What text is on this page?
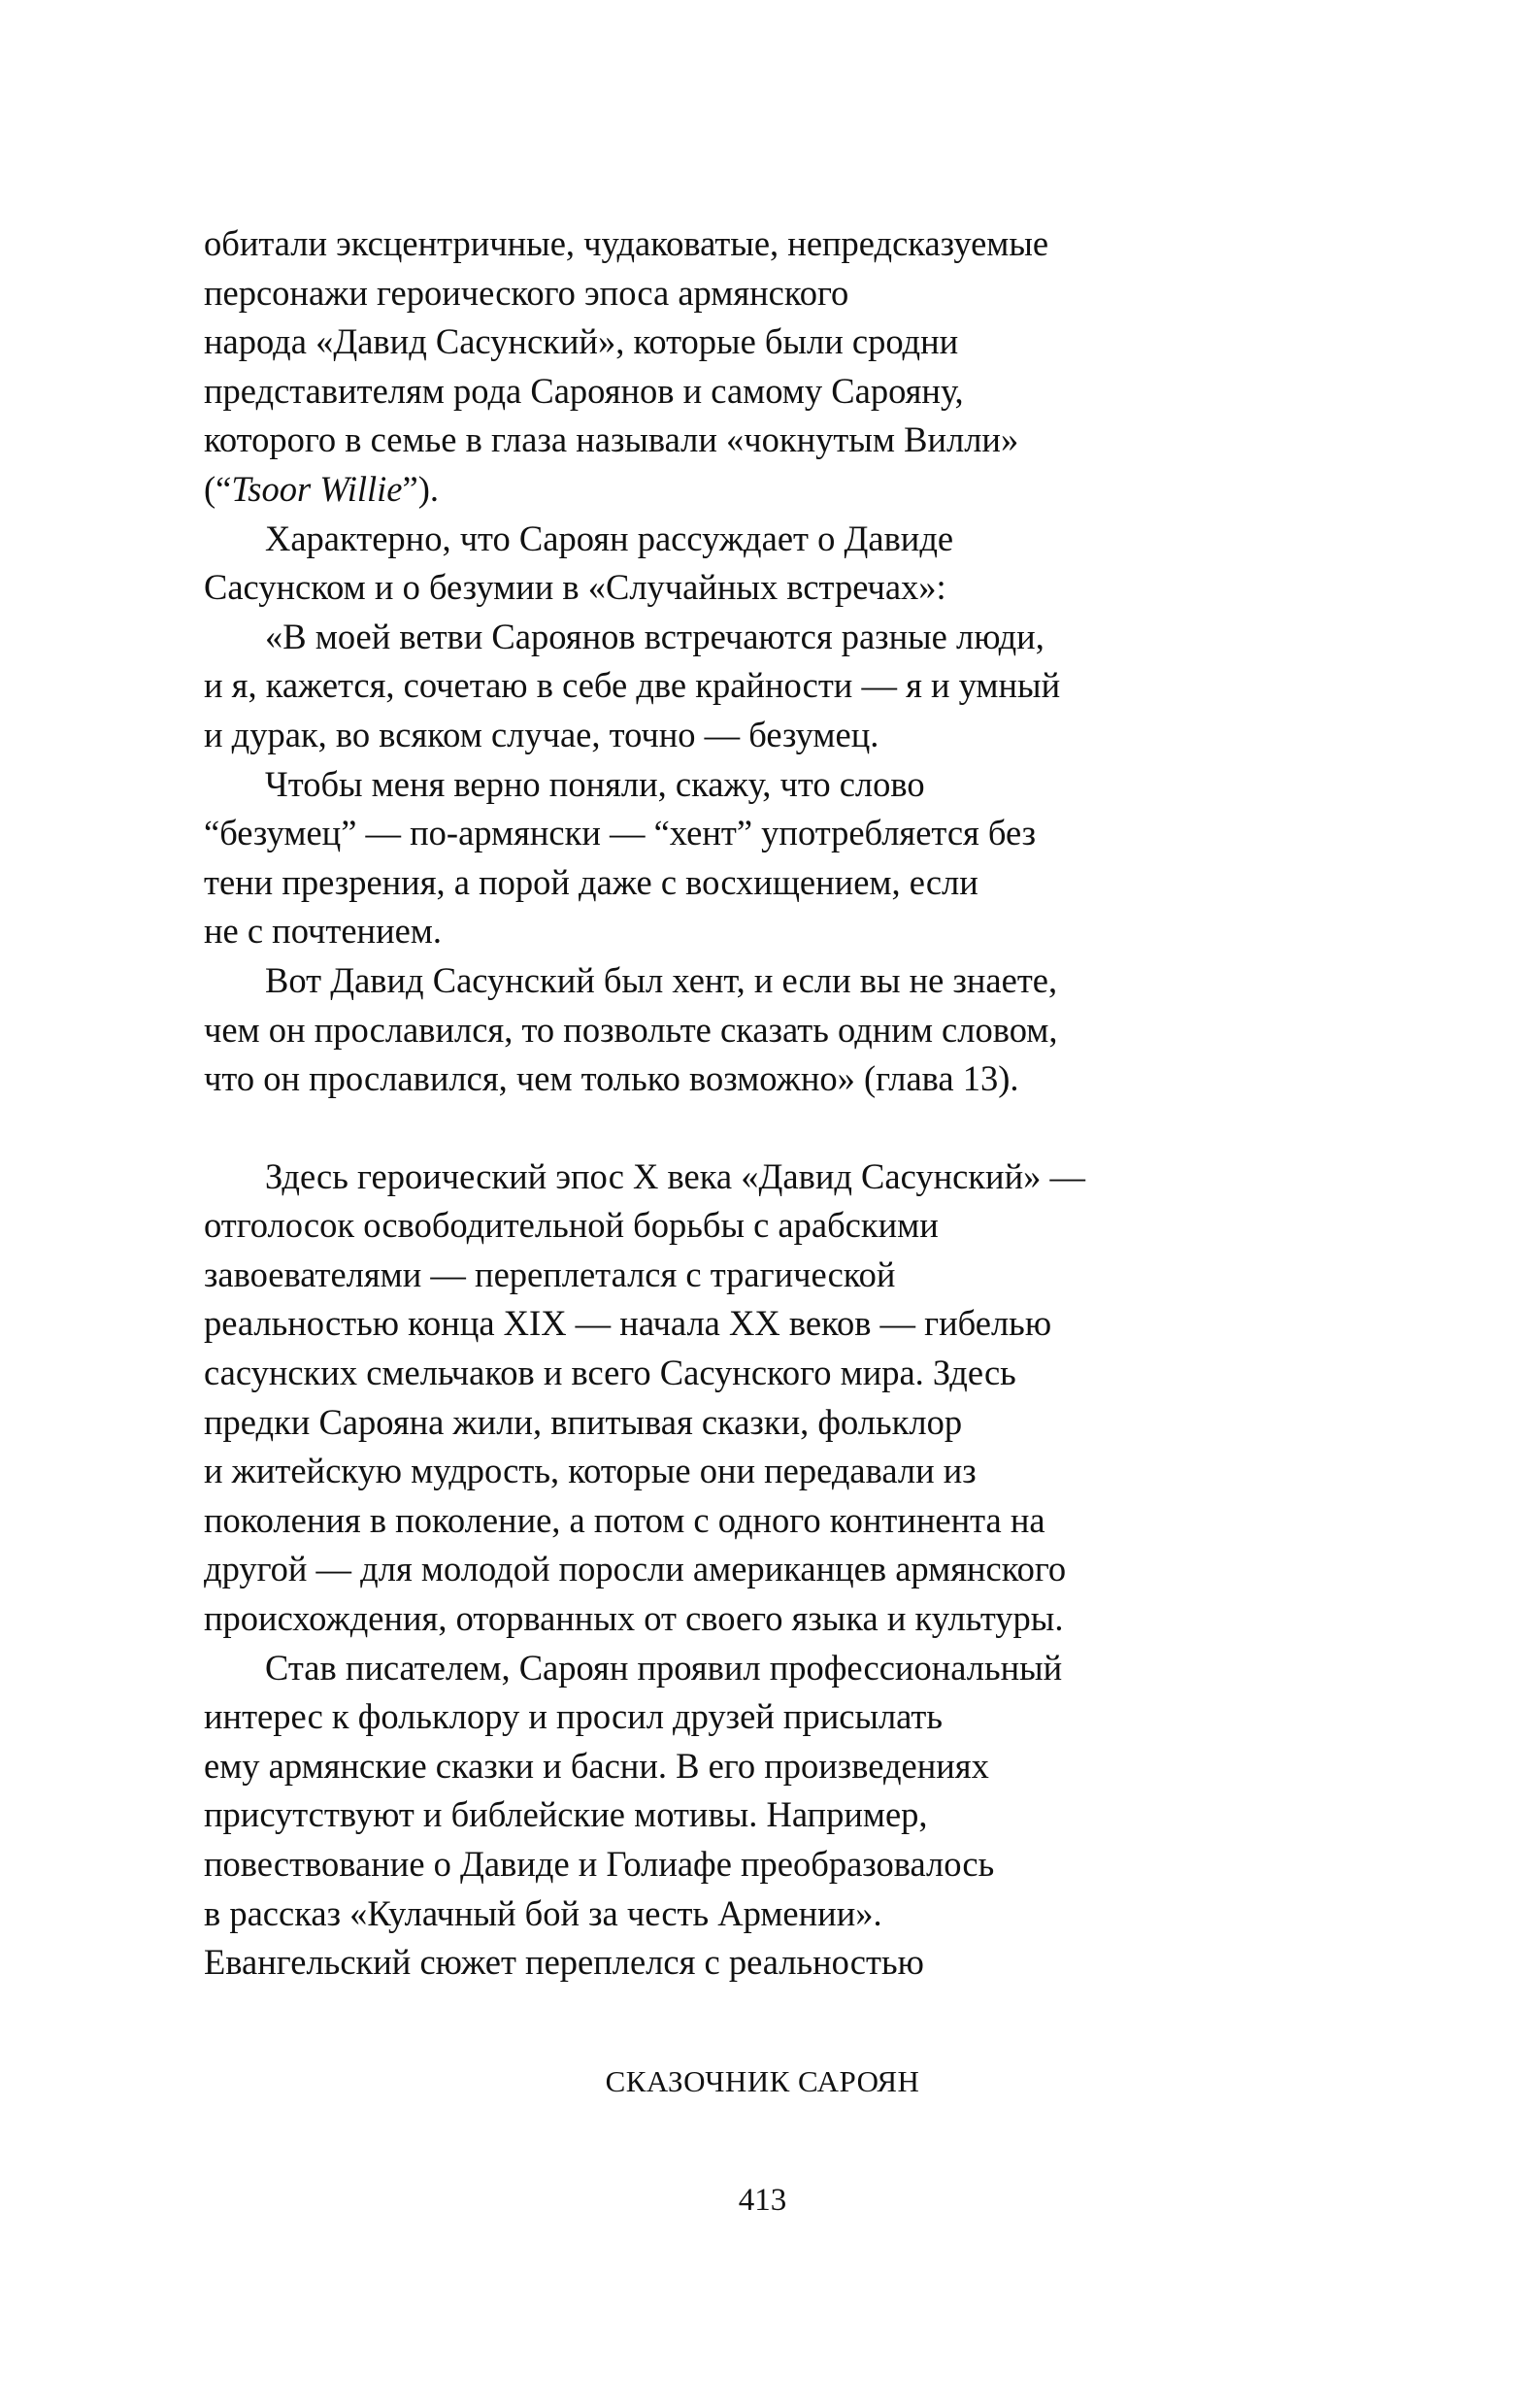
обитали эксцентричные, чудаковатые, непредсказуемые
персонажи героического эпоса армянского
народа «Давид Сасунский», которые были сродни
представителям рода Сароянов и самому Сарояну,
которого в семье в глаза называли «чокнутым Вилли»
(“Tsoor Willie”).
Характерно, что Сароян рассуждает о Давиде
Сасунском и о безумии в «Случайных встречах»:
«В моей ветви Сароянов встречаются разные люди,
и я, кажется, сочетаю в себе две крайности — я и умный
и дурак, во всяком случае, точно — безумец.
Чтобы меня верно поняли, скажу, что слово
“безумец” — по-армянски — “хент” употребляется без
тени презрения, а порой даже с восхищением, если
не с почтением.
Вот Давид Сасунский был хент, и если вы не знаете,
чем он прославился, то позвольте сказать одним словом,
что он прославился, чем только возможно» (глава 13).
Здесь героический эпос X века «Давид Сасунский» —
отголосок освободительной борьбы с арабскими
завоевателями — переплетался с трагической
реальностью конца XIX — начала XX веков — гибелью
сасунских смельчаков и всего Сасунского мира. Здесь
предки Сарояна жили, впитывая сказки, фольклор
и житейскую мудрость, которые они передавали из
поколения в поколение, а потом с одного континента на
другой — для молодой поросли американцев армянского
происхождения, оторванных от своего языка и культуры.
Став писателем, Сароян проявил профессиональный
интерес к фольклору и просил друзей присылать
ему армянские сказки и басни. В его произведениях
присутствуют и библейские мотивы. Например,
повествование о Давиде и Голиафе преобразовалось
в рассказ «Кулачный бой за честь Армении».
Евангельский сюжет переплелся с реальностью
СКАЗОЧНИК САРОЯН
413
